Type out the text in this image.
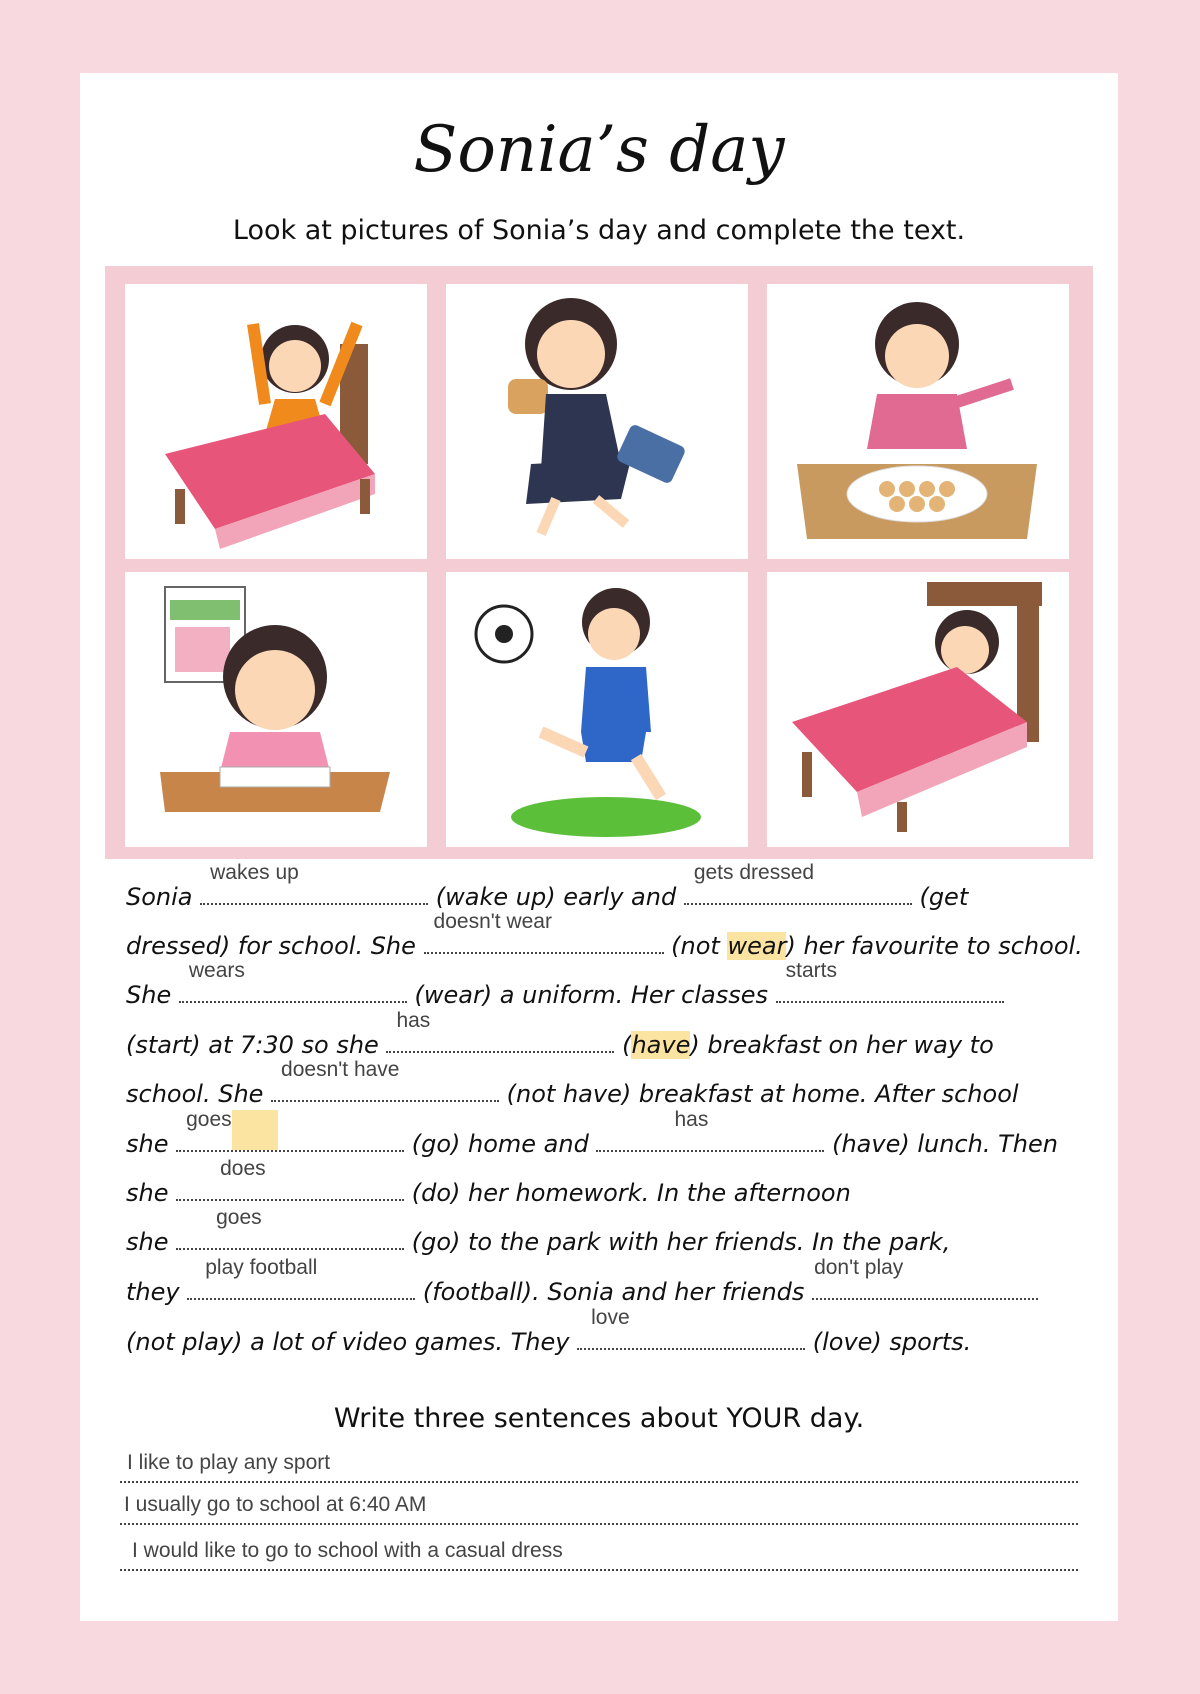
Sonia’s day
Look at pictures of Sonia’s day and complete the text.
Sonia
wakes up
(wake up) early and
gets dressed
(get
dressed) for school. She
doesn't wear
(not wear) her favourite to school.
She
wears
(wear) a uniform. Her classes
starts
(start) at 7:30 so she
has
(have) breakfast on her way to
school. She
doesn't have
(not have) breakfast at home. After school
she
goes
(go) home and
has
(have) lunch. Then
she
does
(do) her homework. In the afternoon
she
goes
(go) to the park with her friends. In the park,
they
play football
(football). Sonia and her friends
don't play
(not play) a lot of video games. They
love
(love) sports.
Write three sentences about YOUR day.
I like to play any sport
I usually go to school at 6:40 AM
I would like to go to school with a casual dress
